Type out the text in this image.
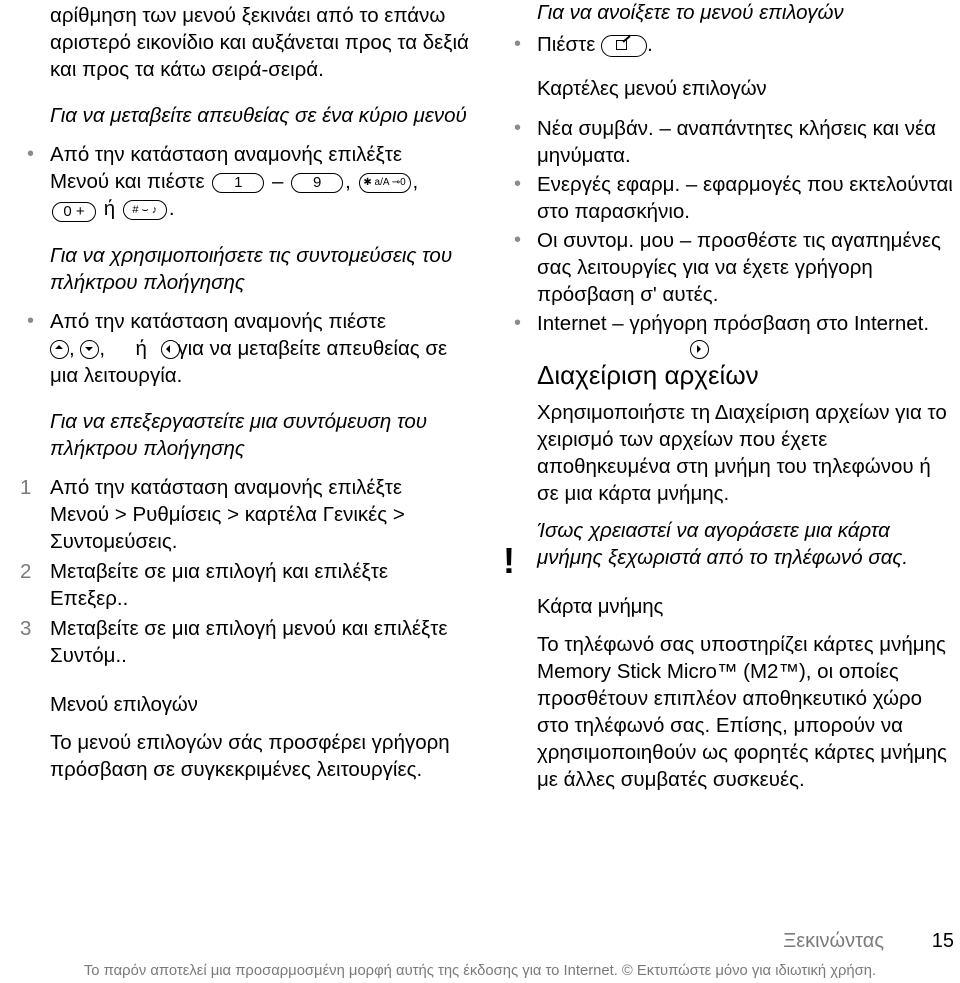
αρίθμηση των μενού ξεκινάει από το επάνω αριστερό εικονίδιο και αυξάνεται προς τα δεξιά και προς τα κάτω σειρά-σειρά.

Για να μεταβείτε απευθείας σε ένα κύριο μενού

• Από την κατάσταση αναμονής επιλέξτε
Μενού και πιέστε 1 – 9 , ✱ a/A ⊸0 ,
0 + ή # ⌣ ♪ .

Για να χρησιμοποιήσετε τις συντομεύσεις του πλήκτρου πλοήγησης

• Από την κατάσταση αναμονής πιέστε
, , ή για να μεταβείτε απευθείας σε μια λειτουργία.

Για να επεξεργαστείτε μια συντόμευση του πλήκτρου πλοήγησης

1 Από την κατάσταση αναμονής επιλέξτε
Μενού > Ρυθμίσεις > καρτέλα Γενικές >
Συντομεύσεις.
2 Μεταβείτε σε μια επιλογή και επιλέξτε
Επεξερ..
3 Μεταβείτε σε μια επιλογή μενού και επιλέξτε
Συντόμ..

Μενού επιλογών

Το μενού επιλογών σάς προσφέρει γρήγορη πρόσβαση σε συγκεκριμένες λειτουργίες.

Για να ανοίξετε το μενού επιλογών

• Πιέστε	.

Καρτέλες μενού επιλογών

• Νέα συμβάν. – αναπάντητες κλήσεις και νέα μηνύματα.
• Ενεργές εφαρμ. – εφαρμογές που εκτελούνται στο παρασκήνιο.
• Οι συντομ. μου – προσθέστε τις αγαπημένες σας λειτουργίες για να έχετε γρήγορη πρόσβαση σ' αυτές.
• Internet – γρήγορη πρόσβαση στο Internet.

Διαχείριση αρχείων

Χρησιμοποιήστε τη Διαχείριση αρχείων για το χειρισμό των αρχείων που έχετε αποθηκευμένα στη μνήμη του τηλεφώνου ή σε μια κάρτα μνήμης.

Ίσως χρειαστεί να αγοράσετε μια κάρτα μνήμης ξεχωριστά από το τηλέφωνό σας.

Κάρτα μνήμης

Το τηλέφωνό σας υποστηρίζει κάρτες μνήμης Memory Stick Micro™ (M2™), οι οποίες προσθέτουν επιπλέον αποθηκευτικό χώρο στο τηλέφωνό σας. Επίσης, μπορούν να χρησιμοποιηθούν ως φορητές κάρτες μνήμης με άλλες συμβατές συσκευές.

!
Ξεκινώντας 15
Το παρόν αποτελεί μια προσαρμοσμένη μορφή αυτής της έκδοσης για το Internet. © Εκτυπώστε μόνο για ιδιωτική χρήση.
